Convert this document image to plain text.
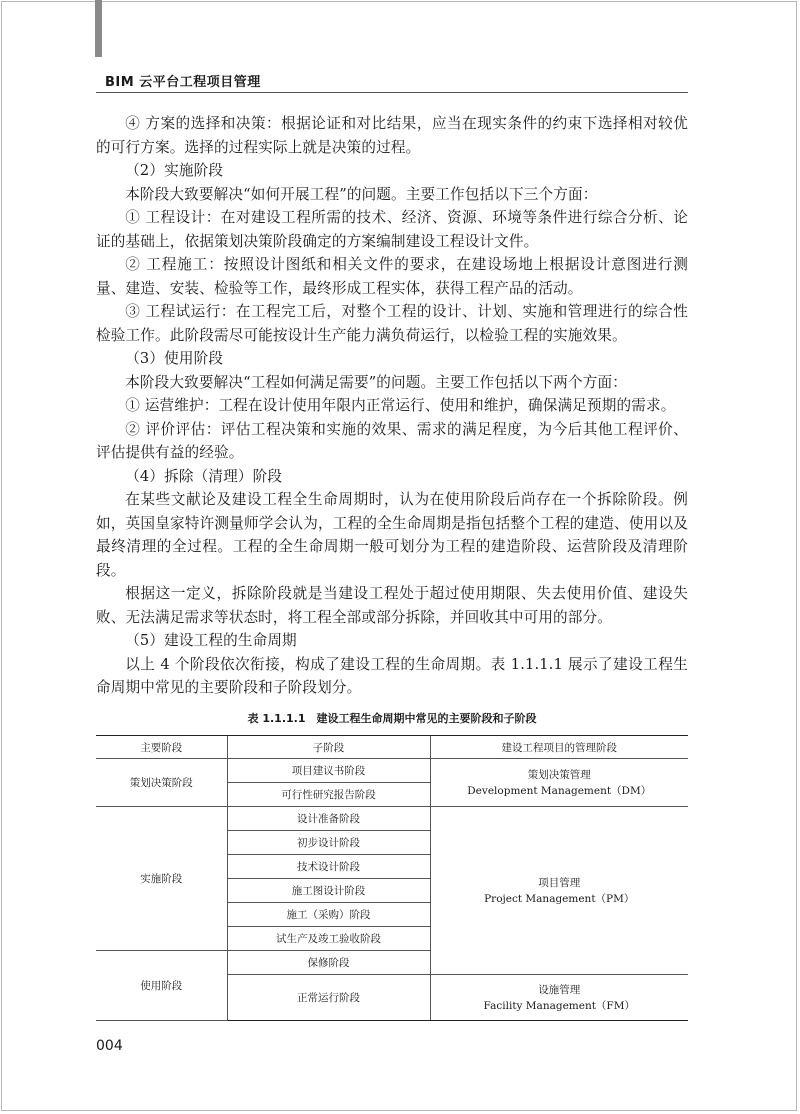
BIM 云平台工程项目管理

④ 方案的选择和决策：根据论证和对比结果，应当在现实条件的约束下选择相对较优的可行方案。选择的过程实际上就是决策的过程。

（2）实施阶段

本阶段大致要解决“如何开展工程”的问题。主要工作包括以下三个方面：

① 工程设计：在对建设工程所需的技术、经济、资源、环境等条件进行综合分析、论证的基础上，依据策划决策阶段确定的方案编制建设工程设计文件。

② 工程施工：按照设计图纸和相关文件的要求，在建设场地上根据设计意图进行测量、建造、安装、检验等工作，最终形成工程实体，获得工程产品的活动。

③ 工程试运行：在工程完工后，对整个工程的设计、计划、实施和管理进行的综合性检验工作。此阶段需尽可能按设计生产能力满负荷运行，以检验工程的实施效果。

（3）使用阶段

本阶段大致要解决“工程如何满足需要”的问题。主要工作包括以下两个方面：

① 运营维护：工程在设计使用年限内正常运行、使用和维护，确保满足预期的需求。

② 评价评估：评估工程决策和实施的效果、需求的满足程度，为今后其他工程评价、评估提供有益的经验。

（4）拆除（清理）阶段

在某些文献论及建设工程全生命周期时，认为在使用阶段后尚存在一个拆除阶段。例如，英国皇家特许测量师学会认为，工程的全生命周期是指包括整个工程的建造、使用以及最终清理的全过程。工程的全生命周期一般可划分为工程的建造阶段、运营阶段及清理阶段。

根据这一定义，拆除阶段就是当建设工程处于超过使用期限、失去使用价值、建设失败、无法满足需求等状态时，将工程全部或部分拆除，并回收其中可用的部分。

（5）建设工程的生命周期

以上 4 个阶段依次衔接，构成了建设工程的生命周期。表 1.1.1.1 展示了建设工程生命周期中常见的主要阶段和子阶段划分。

表 1.1.1.1　建设工程生命周期中常见的主要阶段和子阶段
主要阶段	子阶段	建设工程项目的管理阶段
策划决策阶段	项目建议书阶段	策划决策管理
Development Management（DM）

	可行性研究报告阶段	
实施阶段	设计准备阶段	项目管理
Project Management（PM）

	初步设计阶段	
	技术设计阶段	
	施工图设计阶段	
	施工（采购）阶段	
	试生产及竣工验收阶段	
使用阶段	保修阶段	
	正常运行阶段	设施管理
Facility Management（FM）
004
